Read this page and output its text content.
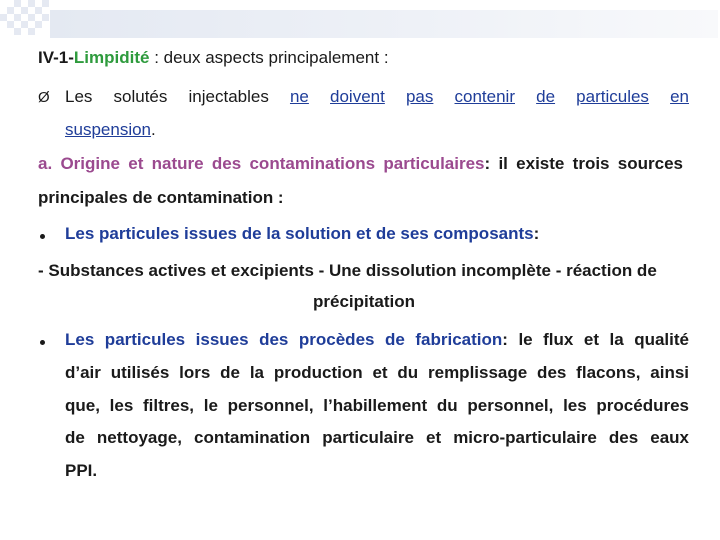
IV-1-Limpidité : deux aspects principalement :
Ø Les solutés injectables ne doivent pas contenir de particules en
suspension.
a. Origine et nature des contaminations particulaires: il existe trois sources
principales de contamination :
Les particules issues de la solution et de ses composants:
- Substances actives et excipients - Une dissolution incomplète - réaction de
précipitation
Les particules issues des procèdes de fabrication: le flux et la qualité
d’air utilisés lors de la production et du remplissage des flacons, ainsi
que, les filtres, le personnel, l’habillement du personnel, les procédures
de nettoyage, contamination particulaire et micro-particulaire des eaux
PPI.
